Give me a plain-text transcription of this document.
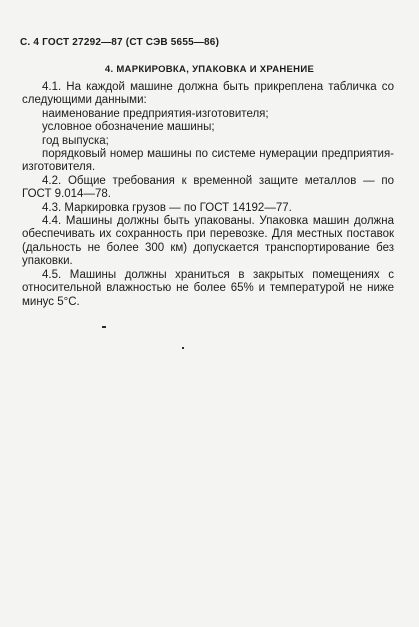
С. 4 ГОСТ 27292—87 (СТ СЭВ 5655—86)
4. МАРКИРОВКА, УПАКОВКА И ХРАНЕНИЕ

4.1. На каждой машине должна быть прикреплена табличка со следующими данными:

наименование предприятия-изготовителя;

условное обозначение машины;

год выпуска;

порядковый номер машины по системе нумерации предприятия-изготовителя.

4.2. Общие требования к временной защите металлов — по ГОСТ 9.014—78.

4.3. Маркировка грузов — по ГОСТ 14192—77.

4.4. Машины должны быть упакованы. Упаковка машин должна обеспечивать их сохранность при перевозке. Для местных поставок (дальность не более 300 км) допускается транспортирование без упаковки.

4.5. Машины должны храниться в закрытых помещениях с относительной влажностью не более 65% и температурой не ниже минус 5°С.
